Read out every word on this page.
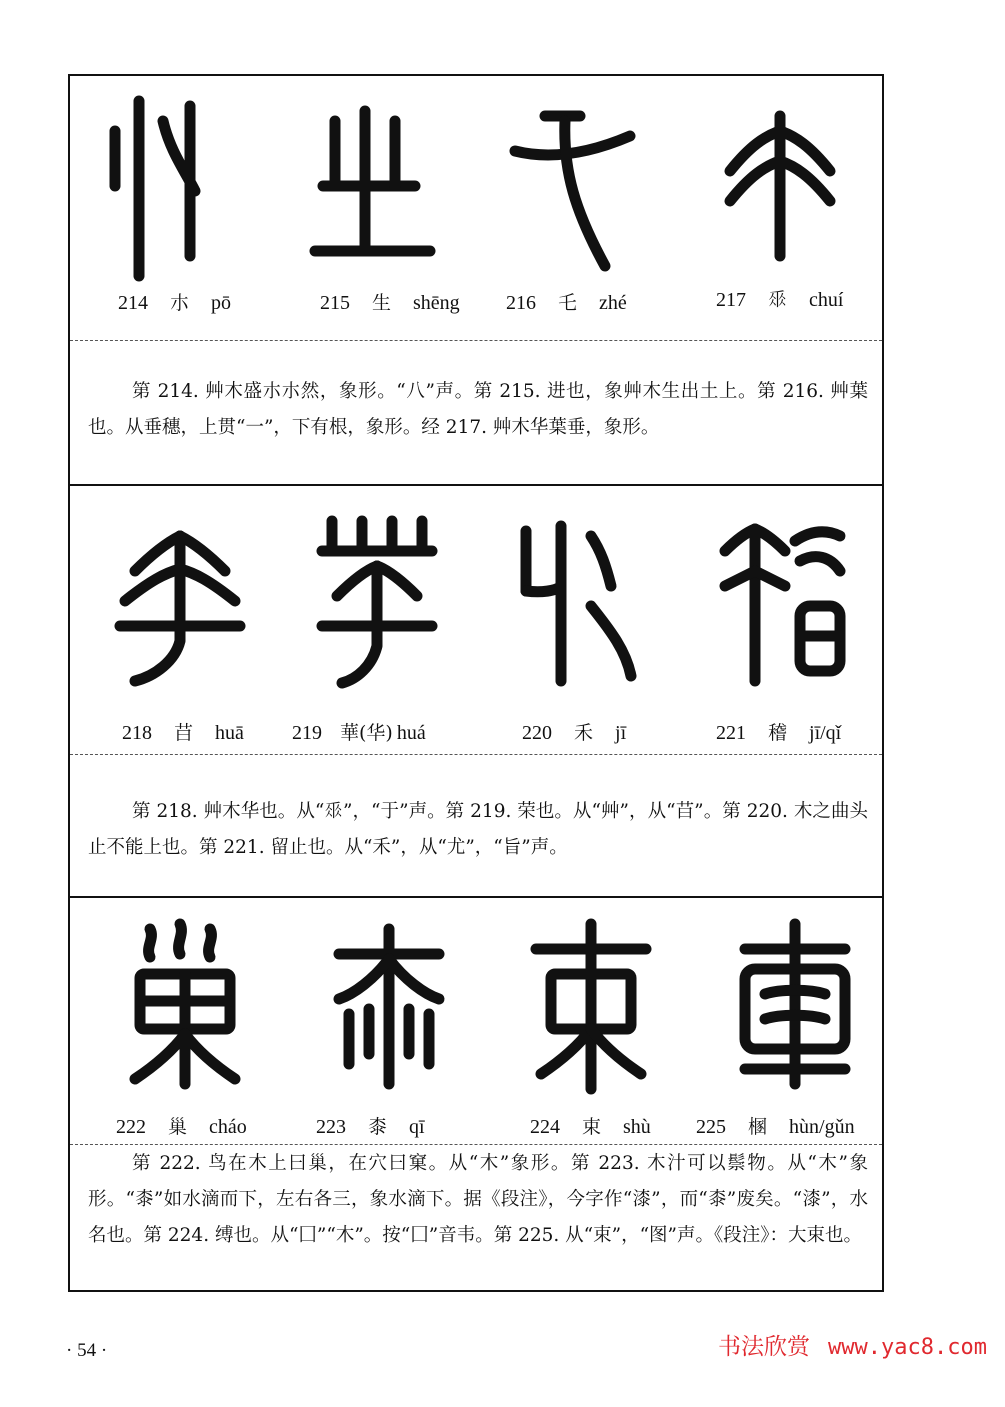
214 朩 pō	215 生 shēng 216 乇 zhé	217 𠂹 chuí
第 214. 艸木盛朩朩然，象形。“八”声。第 215. 进也，象艸木生出土上。第 216. 艸葉也。从垂穗，上贯“一”，下有根，象形。经 217. 艸木华葉垂，象形。
218 䒤 huā 219 華(华) huá	220 禾 jī	221 稽 jī/qǐ
第 218. 艸木华也。从“𠂹”，“于”声。第 219. 荣也。从“艸”，从“䒤”。第 220. 木之曲头止不能上也。第 221. 留止也。从“禾”，从“尤”，“旨”声。
222 巢 cháo	223 桼 qī	224 束 shù 225 㮯 hùn/gǔn
第 222. 鸟在木上曰巢，在穴曰窠。从“木”象形。第 223. 木汁可以鬃物。从“木”象形。“桼”如水滴而下，左右各三，象水滴下。据《段注》，今字作“漆”，而“桼”废矣。“漆”，水名也。第 224. 缚也。从“囗”“木”。按“囗”音韦。第 225. 从“束”，“图”声。《段注》：大束也。
· 54 ·	书法欣赏 www.yac8.com
